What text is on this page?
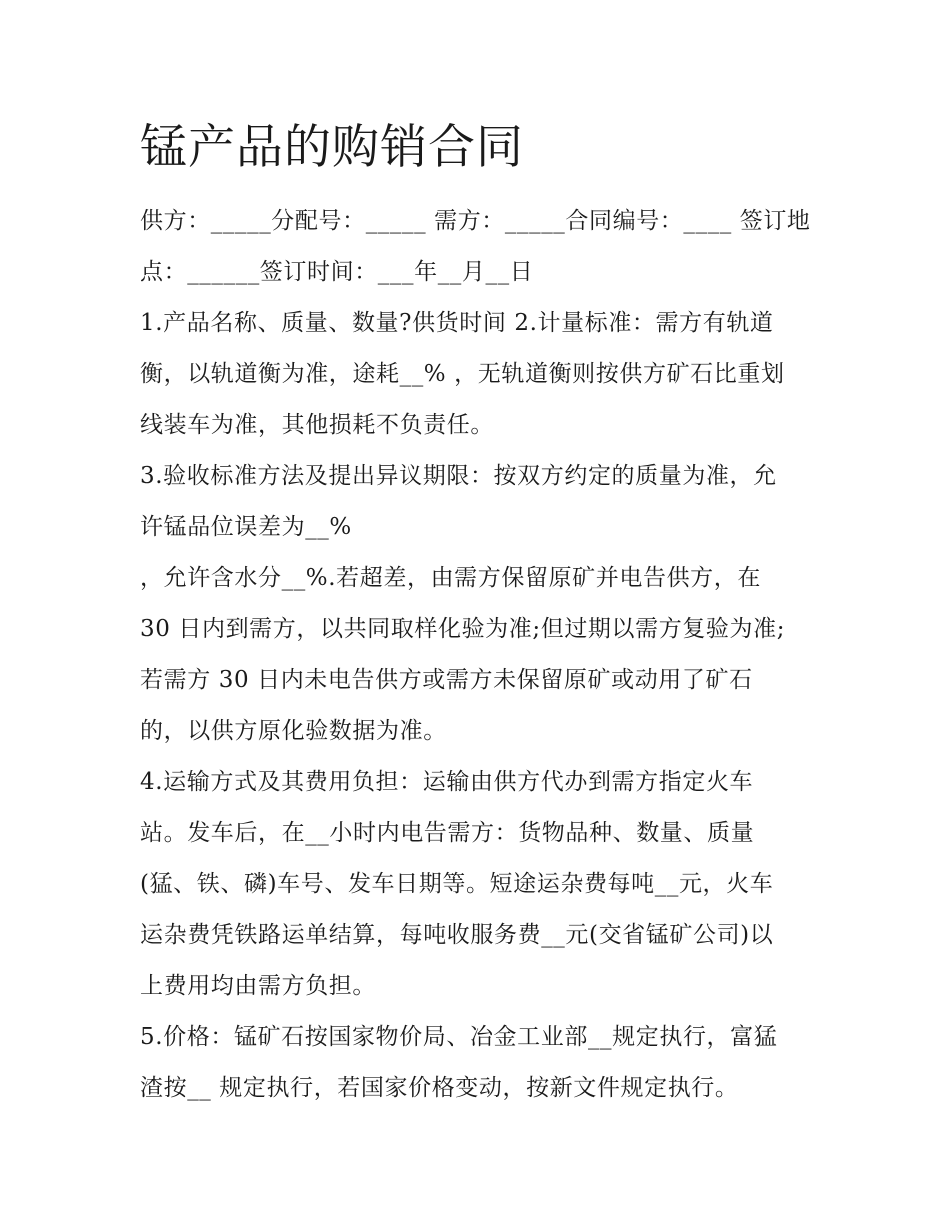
锰产品的购销合同
供方：_____分配号：_____ 需方：_____合同编号：____ 签订地
点：______签订时间：___年__月__日
1.产品名称、质量、数量?供货时间 2.计量标准：需方有轨道
衡，以轨道衡为准，途耗__% ，无轨道衡则按供方矿石比重划
线装车为准，其他损耗不负责任。
3.验收标准方法及提出异议期限：按双方约定的质量为准，允
许锰品位误差为__%
，允许含水分__%.若超差，由需方保留原矿并电告供方，在
30 日内到需方，以共同取样化验为准;但过期以需方复验为准;
若需方 30 日内未电告供方或需方未保留原矿或动用了矿石
的，以供方原化验数据为准。
4.运输方式及其费用负担：运输由供方代办到需方指定火车
站。发车后，在__小时内电告需方：货物品种、数量、质量
(猛、铁、磷)车号、发车日期等。短途运杂费每吨__元，火车
运杂费凭铁路运单结算，每吨收服务费__元(交省锰矿公司)以
上费用均由需方负担。
5.价格：锰矿石按国家物价局、冶金工业部__规定执行，富猛
渣按__ 规定执行，若国家价格变动，按新文件规定执行。
